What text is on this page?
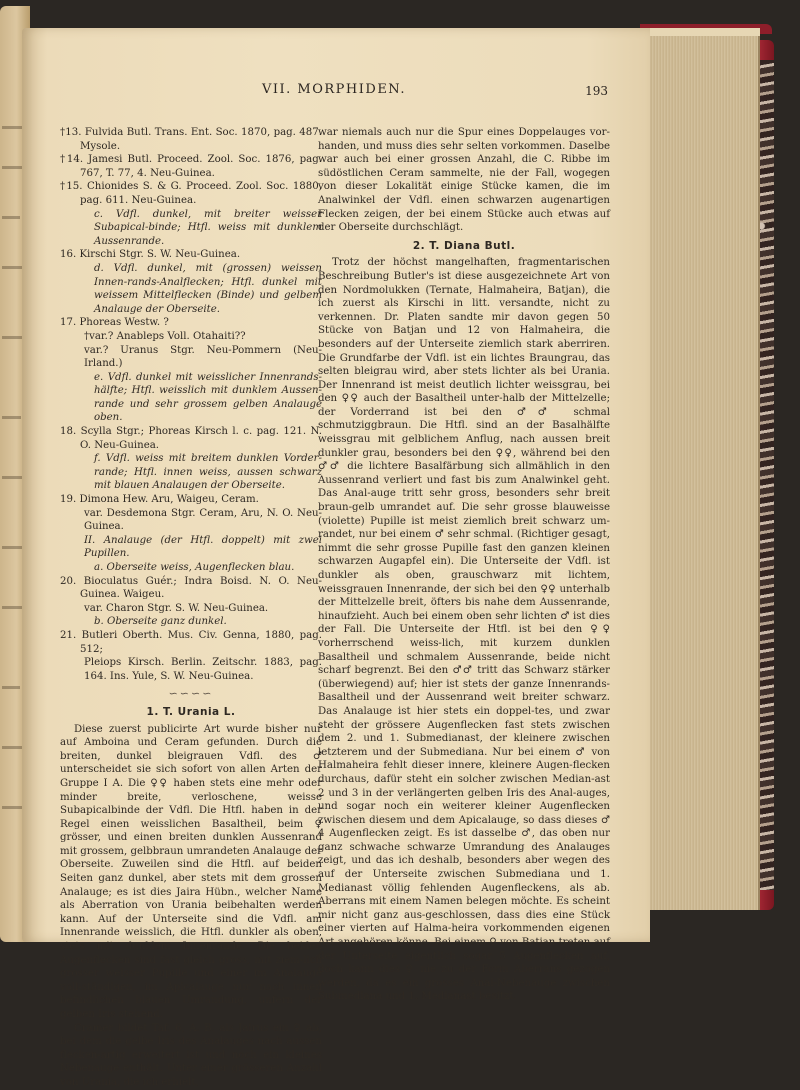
VII. MORPHIDEN.	193

†13. Fulvida Butl. Trans. Ent. Soc. 1870, pag. 487. Mysole.

†14. Jamesi Butl. Proceed. Zool. Soc. 1876, pag. 767, T. 77, 4. Neu-Guinea.

†15. Chionides S. & G. Proceed. Zool. Soc. 1880, pag. 611. Neu-Guinea.

c. Vdfl. dunkel, mit breiter weisser Subapical-binde; Htfl. weiss mit dunklem Aussenrande.

16. Kirschi Stgr. S. W. Neu-Guinea.

d. Vdfl. dunkel, mit (grossen) weissen Innen-rands-Analflecken; Htfl. dunkel mit weissem Mittelflecken (Binde) und gelbem Analauge der Oberseite.

17. Phoreas Westw. ?

†var.? Anableps Voll. Otahaiti??

var.? Uranus Stgr. Neu-Pommern (Neu-Irland.)

e. Vdfl. dunkel mit weisslicher Innenrands-hälfte; Htfl. weisslich mit dunklem Aussen-rande und sehr grossem gelben Analauge oben.

18. Scylla Stgr.; Phoreas Kirsch l. c. pag. 121. N. O. Neu-Guinea.

f. Vdfl. weiss mit breitem dunklen Vorder-rande; Htfl. innen weiss, aussen schwarz mit blauen Analaugen der Oberseite.

19. Dimona Hew. Aru, Waigeu, Ceram.

var. Desdemona Stgr. Ceram, Aru, N. O. Neu-Guinea.

II. Analauge (der Htfl. doppelt) mit zwei Pupillen.

a. Oberseite weiss, Augenflecken blau.

20. Bioculatus Guér.; Indra Boisd. N. O. Neu-Guinea. Waigeu.

var. Charon Stgr. S. W. Neu-Guinea.

b. Oberseite ganz dunkel.

21. Butleri Oberth. Mus. Civ. Genna, 1880, pag. 512;

Pleiops Kirsch. Berlin. Zeitschr. 1883, pag. 164. Ins. Yule, S. W. Neu-Guinea.

∽∽∽∽
1. T. Urania L.

Diese zuerst publicirte Art wurde bisher nur auf Amboina und Ceram gefunden. Durch die breiten, dunkel bleigrauen Vdfl. des ♂ unterscheidet sie sich sofort von allen Arten der Gruppe I A. Die ♀♀ haben stets eine mehr oder minder breite, verloschene, weisse Subapicalbinde der Vdfl. Die Htfl. haben in der Regel einen weisslichen Basaltheil, beim ♀ grösser, und einen breiten dunklen Aussenrand mit grossem, gelbbraun umrandeten Analauge der Oberseite. Zuweilen sind die Htfl. auf beiden Seiten ganz dunkel, aber stets mit dem grossen Analauge; es ist dies Jaira Hübn., welcher Name als Aberration von Urania beibehalten werden kann. Auf der Unterseite sind die Vdfl. am Innenrande weisslich, die Htfl. dunkler als oben, stets mit dunklem Innenrande. Die beiden Augenflecken sind fast gleich gross, mit ziem-lich grosser weisser Pupille und einer im Analauge voll-ständigen, im Apicalauge nur nach innen befindlichen blauen Umrandung, unfern der gelben Iris stehend.

Cramer bildet Taf. 6, A. B. als Jairus ein ♀ ab, bei dem die gelbe Iris des Analauges nach aussen flecken-artig erweitert ist und noch ein kleines Nebenauge enthält. Unter einer grösseren Anzahl von Urania, die ich erhielt,

war niemals auch nur die Spur eines Doppelauges vor-handen, und muss dies sehr selten vorkommen. Daselbe war auch bei einer grossen Anzahl, die C. Ribbe im südöstlichen Ceram sammelte, nie der Fall, wogegen von dieser Lokalität einige Stücke kamen, die im Analwinkel der Vdfl. einen schwarzen augenartigen Flecken zeigen, der bei einem Stücke auch etwas auf der Oberseite durchschlägt.

2. T. Diana Butl.

Trotz der höchst mangelhaften, fragmentarischen Beschreibung Butler's ist diese ausgezeichnete Art von den Nordmolukken (Ternate, Halmaheira, Batjan), die ich zuerst als Kirschi in litt. versandte, nicht zu verkennen. Dr. Platen sandte mir davon gegen 50 Stücke von Batjan und 12 von Halmaheira, die besonders auf der Unterseite ziemlich stark aberriren. Die Grundfarbe der Vdfl. ist ein lichtes Braungrau, das selten bleigrau wird, aber stets lichter als bei Urania. Der Innenrand ist meist deutlich lichter weissgrau, bei den ♀♀ auch der Basaltheil unter-halb der Mittelzelle; der Vorderrand ist bei den ♂♂ schmal schmutziggbraun. Die Htfl. sind an der Basalhälfte weissgrau mit gelblichem Anflug, nach aussen breit dunkler grau, besonders bei den ♀♀, während bei den ♂♂ die lichtere Basalfärbung sich allmählich in den Aussenrand verliert und fast bis zum Analwinkel geht. Das Anal-auge tritt sehr gross, besonders sehr breit braun-gelb umrandet auf. Die sehr grosse blauweisse (violette) Pupille ist meist ziemlich breit schwarz um-randet, nur bei einem ♂ sehr schmal. (Richtiger gesagt, nimmt die sehr grosse Pupille fast den ganzen kleinen schwarzen Augapfel ein). Die Unterseite der Vdfl. ist dunkler als oben, grauschwarz mit lichtem, weissgrauen Innenrande, der sich bei den ♀♀ unterhalb der Mittelzelle breit, öfters bis nahe dem Aussenrande, hinaufzieht. Auch bei einem oben sehr lichten ♂ ist dies der Fall. Die Unterseite der Htfl. ist bei den ♀♀ vorherrschend weiss-lich, mit kurzem dunklen Basaltheil und schmalem Aussenrande, beide nicht scharf begrenzt. Bei den ♂♂ tritt das Schwarz stärker (überwiegend) auf; hier ist stets der ganze Innenrands-Basaltheil und der Aussenrand weit breiter schwarz. Das Analauge ist hier stets ein doppel-tes, und zwar steht der grössere Augenflecken fast stets zwischen dem 2. und 1. Submedianast, der kleinere zwischen letzterem und der Submediana. Nur bei einem ♂ von Halmaheira fehlt dieser innere, kleinere Augen-flecken durchaus, dafür steht ein solcher zwischen Median-ast 2 und 3 in der verlängerten gelben Iris des Anal-auges, und sogar noch ein weiterer kleiner Augenflecken zwischen diesem und dem Apicalauge, so dass dieses ♂ 4 Augenflecken zeigt. Es ist dasselbe ♂, das oben nur ganz schwache schwarze Umrandung des Analauges zeigt, und das ich deshalb, besonders aber wegen des auf der Unterseite zwischen Submediana und 1. Medianast völlig fehlenden Augenfleckens, als ab. Aberrans mit einem Namen belegen möchte. Es scheint mir nicht ganz aus-geschlossen, dass dies eine Stück einer vierten auf Halma-heira vorkommenden eigenen Art angehören könne. Bei einem ♀ von Batjan treten auf der Unterseite eigentlich sogar 5 Augenflecken auf, doch kann dies ♀ nie zu der Form Aberrans gezogen werden, da es ein grosses Anal-Nebenauge zwischen Submediana und 1. Medianast besitzt.
